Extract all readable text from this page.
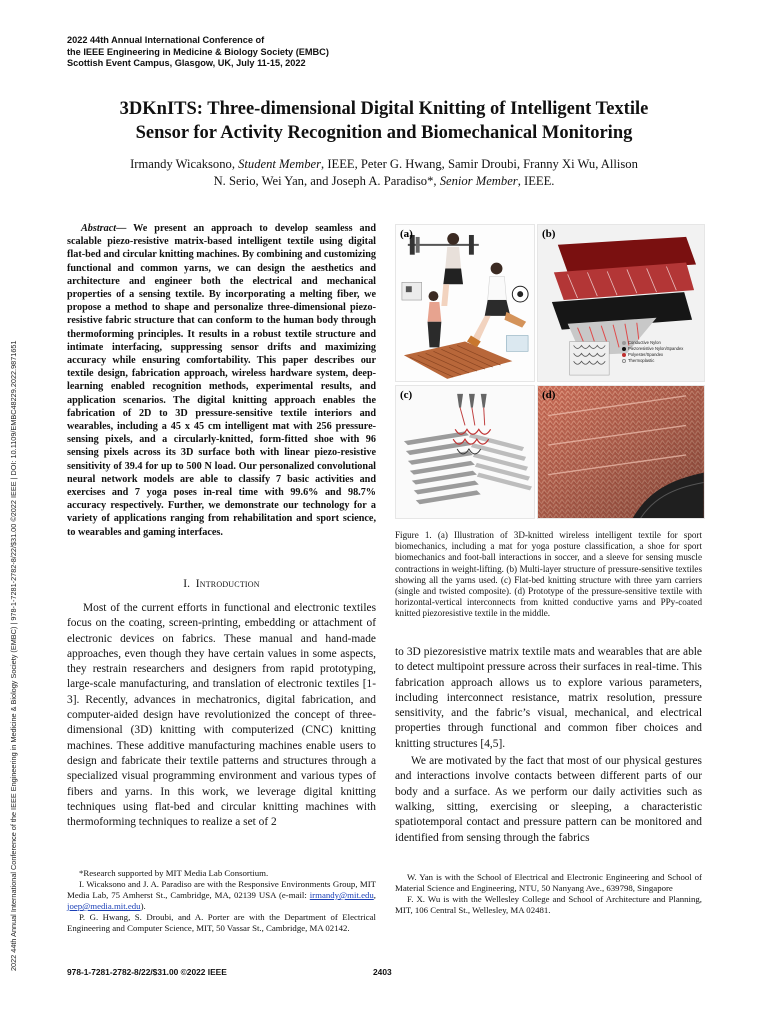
2022 44th Annual International Conference of
the IEEE Engineering in Medicine & Biology Society (EMBC)
Scottish Event Campus, Glasgow, UK, July 11-15, 2022
3DKnITS: Three-dimensional Digital Knitting of Intelligent Textile
Sensor for Activity Recognition and Biomechanical Monitoring
Irmandy Wicaksono, Student Member, IEEE, Peter G. Hwang, Samir Droubi, Franny Xi Wu, Allison
N. Serio, Wei Yan, and Joseph A. Paradiso*, Senior Member, IEEE.
2022 44th Annual International Conference of the IEEE Engineering in Medicine & Biology Society (EMBC) | 978-1-7281-2782-8/22/$31.00 ©2022 IEEE | DOI: 10.1109/EMBC48229.2022.9871651

Abstract— We present an approach to develop seamless and scalable piezo-resistive matrix-based intelligent textile using digital flat-bed and circular knitting machines. By combining and customizing functional and common yarns, we can design the aesthetics and architecture and engineer both the electrical and mechanical properties of a sensing textile. By incorporating a melting fiber, we propose a method to shape and personalize three-dimensional piezo-resistive fabric structure that can conform to the human body through thermoforming principles. It results in a robust textile structure and intimate interfacing, suppressing sensor drifts and maximizing accuracy while ensuring comfortability. This paper describes our textile design, fabrication approach, wireless hardware system, deep-learning enabled recognition methods, experimental results, and application scenarios. The digital knitting approach enables the fabrication of 2D to 3D pressure-sensitive textile interiors and wearables, including a 45 x 45 cm intelligent mat with 256 pressure-sensing pixels, and a circularly-knitted, form-fitted shoe with 96 sensing pixels across its 3D surface both with linear piezo-resistive sensitivity of 39.4 for up to 500 N load. Our personalized convolutional neural network models are able to classify 7 basic activities and exercises and 7 yoga poses in-real time with 99.6% and 98.7% accuracy respectively. Further, we demonstrate our technology for a variety of applications ranging from rehabilitation and sport science, to wearables and gaming interfaces.

I. Introduction

Most of the current efforts in functional and electronic textiles focus on the coating, screen-printing, embedding or attachment of electronic devices on fabrics. These manual and hand-made approaches, even though they have certain values in some aspects, they restrain researchers and designers from rapid prototyping, large-scale manufacturing, and translation of electronic textiles [1-3]. Recently, advances in mechatronics, digital fabrication, and computer-aided design have revolutionized the concept of three-dimensional (3D) knitting with computerized (CNC) knitting machines. These additive manufacturing machines enable users to design and fabricate their textile patterns and structures through a specialized visual programming environment and various types of fibers and yarns. In this work, we leverage digital knitting techniques using flat-bed and circular knitting machines with thermoforming techniques to realize a set of 2

(a)	(b)
Conductive Nylon
Piezoresistive Nylon/Spandex
Polyester/Spandex
Thermoplastic
(c)	(d)

Figure 1. (a) Illustration of 3D-knitted wireless intelligent textile for sport biomechanics, including a mat for yoga posture classification, a shoe for sport biomechanics and foot-ball interactions in soccer, and a sleeve for sensing muscle contractions in weight-lifting. (b) Multi-layer structure of pressure-sensitive textiles showing all the yarns used. (c) Flat-bed knitting structure with three yarn carriers (single and twisted composite). (d) Prototype of the pressure-sensitive textile with horizontal-vertical interconnects from knitted conductive yarns and PPy-coated knitted piezoresistive textile in the middle.

to 3D piezoresistive matrix textile mats and wearables that are able to detect multipoint pressure across their surfaces in real-time. This fabrication approach allows us to explore various parameters, including interconnect resistance, matrix resolution, pressure sensitivity, and the fabric’s visual, mechanical, and electrical properties through functional and common fiber choices and knitting structures [4,5].

We are motivated by the fact that most of our physical gestures and interactions involve contacts between different parts of our body and a surface. As we perform our daily activities such as walking, sitting, exercising or sleeping, a characteristic spatiotemporal contact and pressure pattern can be monitored and identified from sensing through the fabrics

*Research supported by MIT Media Lab Consortium.

I. Wicaksono and J. A. Paradiso are with the Responsive Environments Group, MIT Media Lab, 75 Amherst St., Cambridge, MA, 02139 USA (e-mail: irmandy@mit.edu, joep@media.mit.edu).

P. G. Hwang, S. Droubi, and A. Porter are with the Department of Electrical Engineering and Computer Science, MIT, 50 Vassar St., Cambridge, MA 02142.

W. Yan is with the School of Electrical and Electronic Engineering and School of Material Science and Engineering, NTU, 50 Nanyang Ave., 639798, Singapore

F. X. Wu is with the Wellesley College and School of Architecture and Planning, MIT, 106 Central St., Wellesley, MA 02481.

978-1-7281-2782-8/22/$31.00 ©2022 IEEE	2403
